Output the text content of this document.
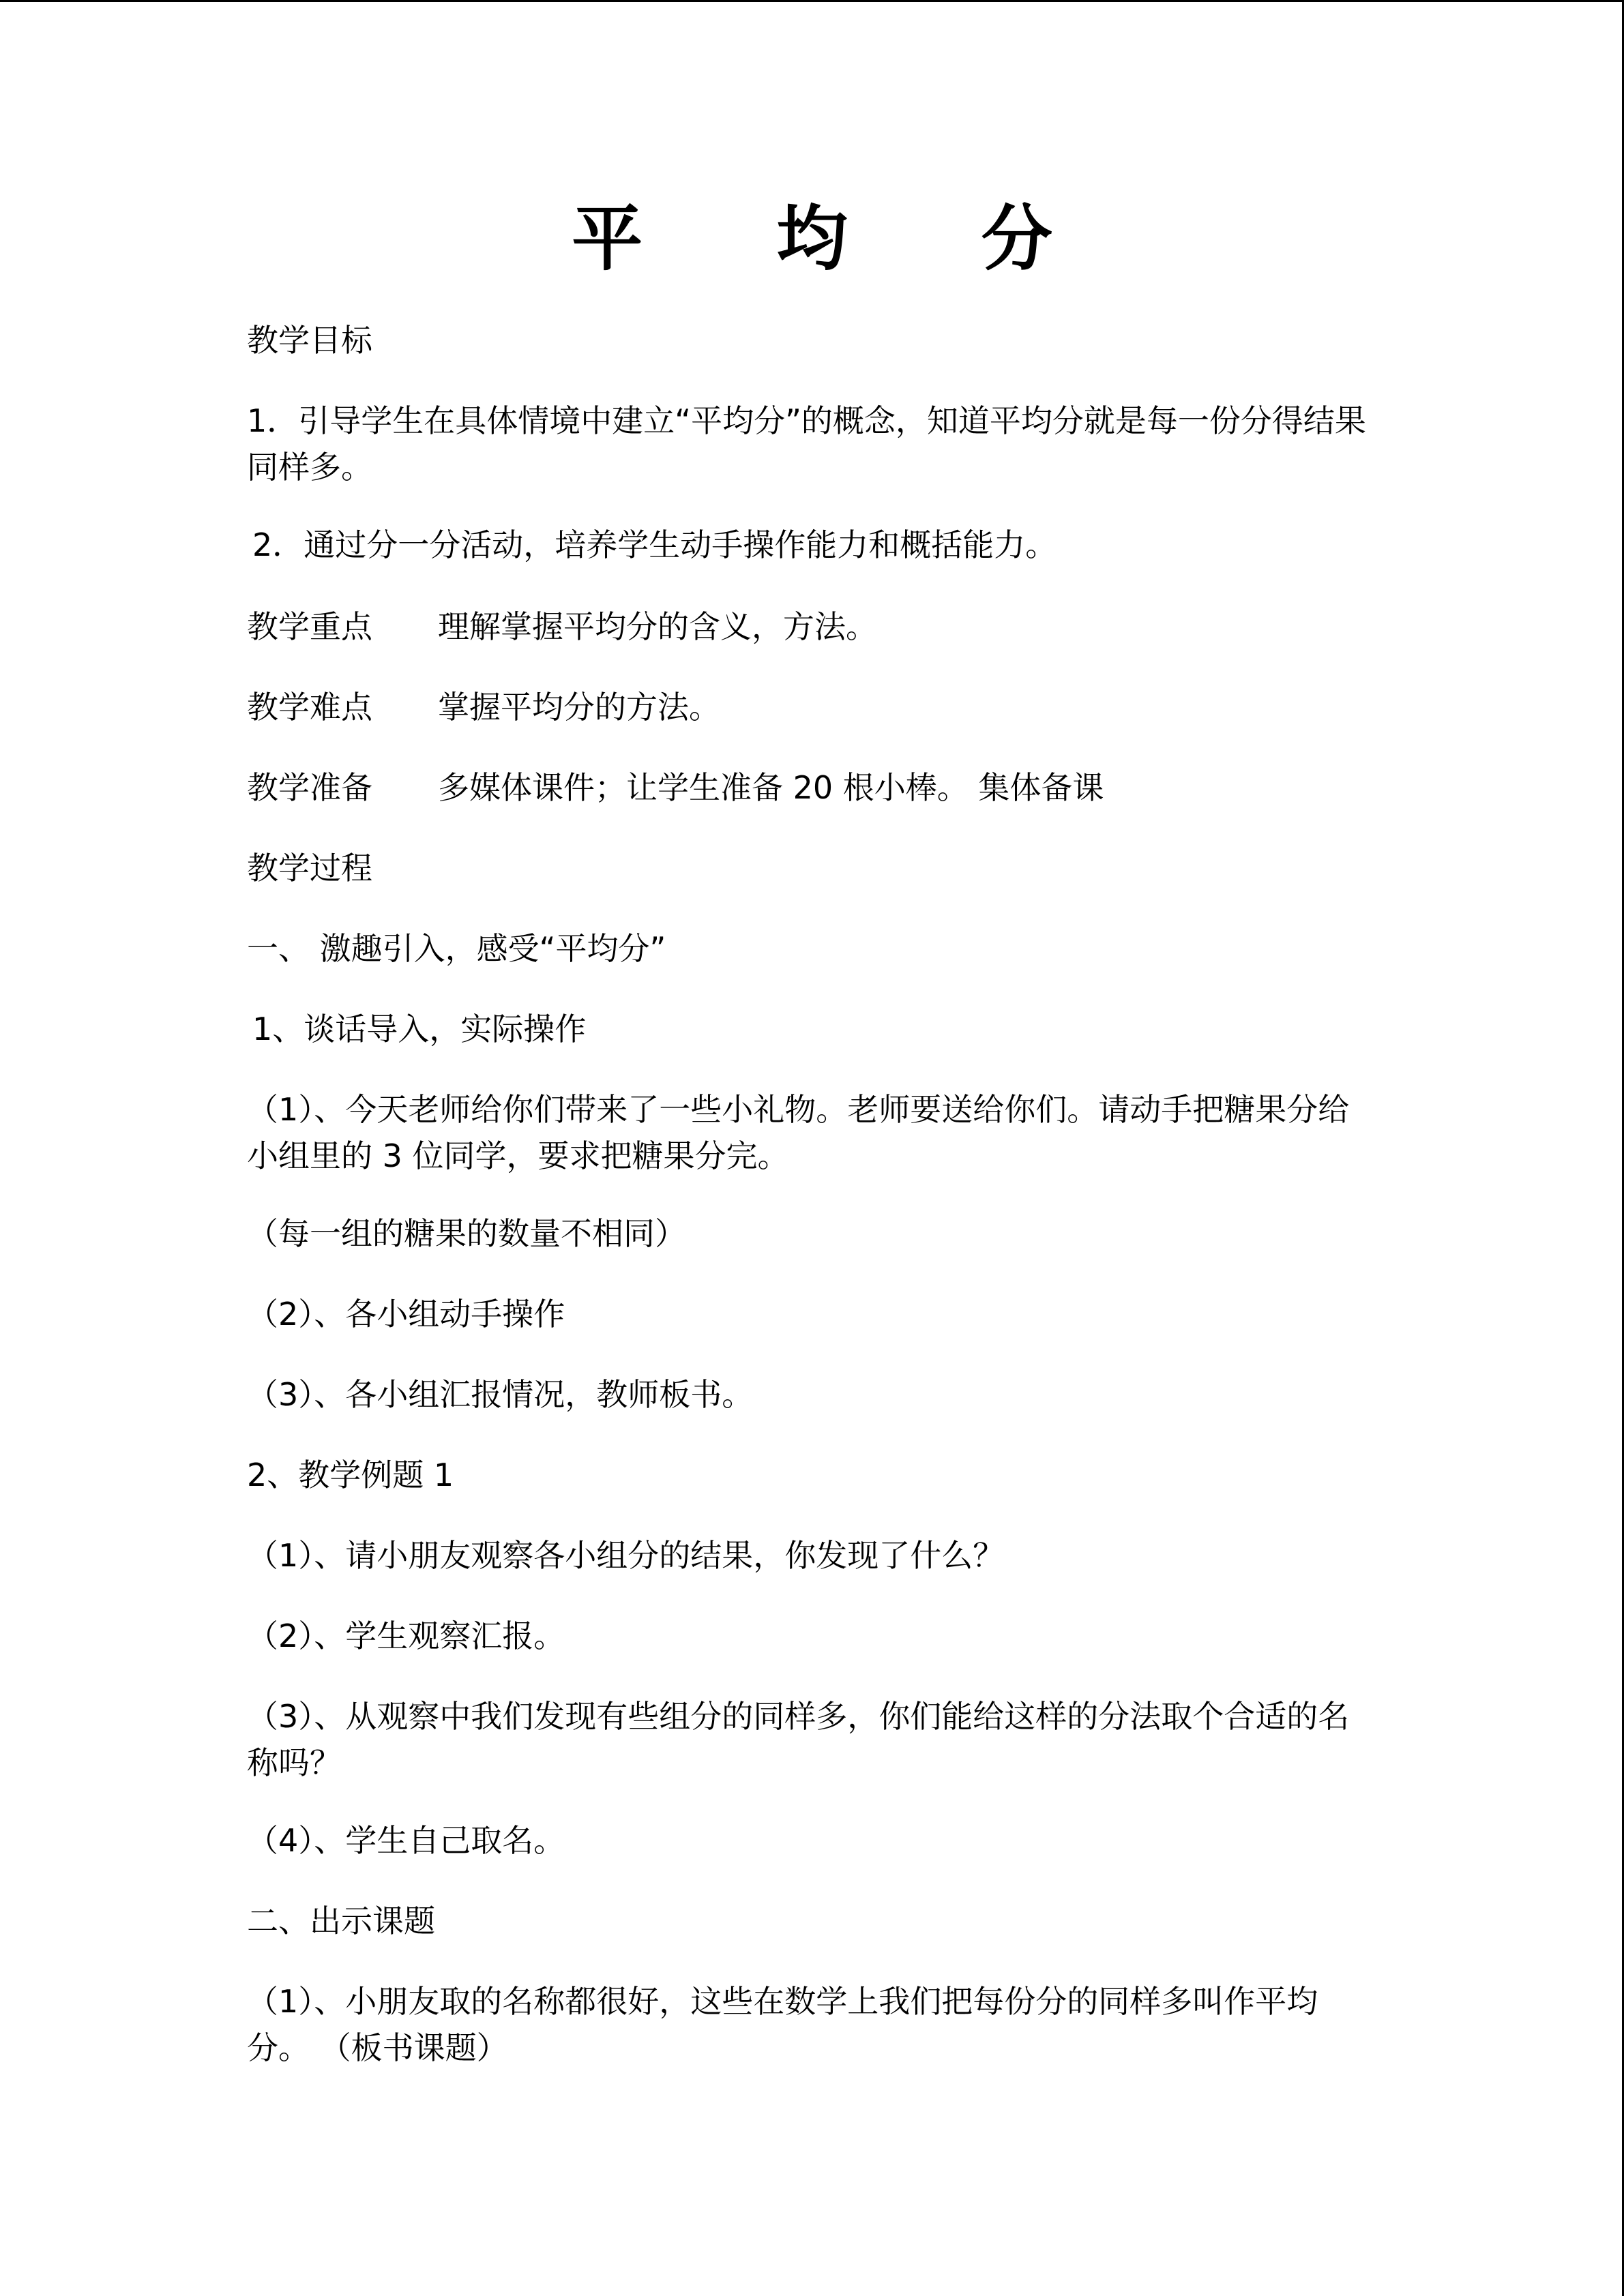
平 均 分

教学目标

1．引导学生在具体情境中建立“平均分”的概念，知道平均分就是每一份分得结果同样多。

2．通过分一分活动，培养学生动手操作能力和概括能力。

教学重点 理解掌握平均分的含义，方法。

教学难点 掌握平均分的方法。

教学准备 多媒体课件；让学生准备 20 根小棒。 集体备课

教学过程

一、 激趣引入，感受“平均分”

1、谈话导入，实际操作

（1）、今天老师给你们带来了一些小礼物。老师要送给你们。请动手把糖果分给小组里的 3 位同学，要求把糖果分完。

（每一组的糖果的数量不相同）

（2）、各小组动手操作

（3）、各小组汇报情况，教师板书。

2、教学例题 1

（1）、请小朋友观察各小组分的结果，你发现了什么？

（2）、学生观察汇报。

（3）、从观察中我们发现有些组分的同样多，你们能给这样的分法取个合适的名称吗？

（4）、学生自己取名。

二、出示课题

（1）、小朋友取的名称都很好，这些在数学上我们把每份分的同样多叫作平均分。 （板书课题）
